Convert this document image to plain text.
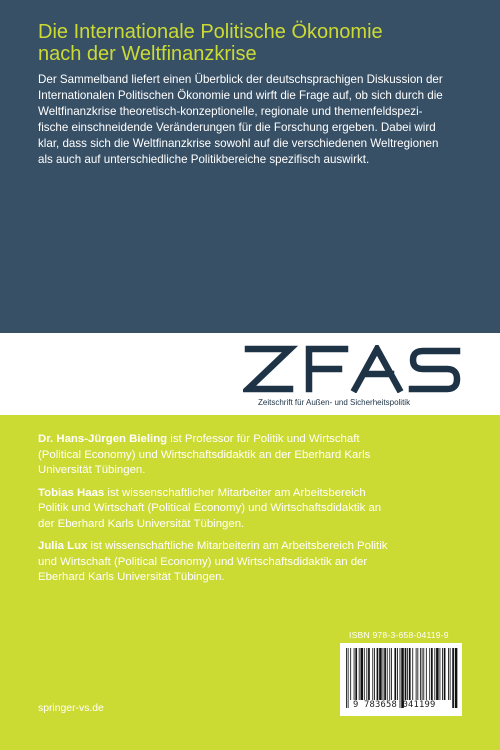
Die Internationale Politische Ökonomie
nach der Weltfinanzkrise
Der Sammelband liefert einen Überblick der deutschsprachigen Diskussion der
Internationalen Politischen Ökonomie und wirft die Frage auf, ob sich durch die
Weltfinanzkrise theoretisch-konzeptionelle, regionale und themenfeldspezi-
fische einschneidende Veränderungen für die Forschung ergeben. Dabei wird
klar, dass sich die Weltfinanzkrise sowohl auf die verschiedenen Weltregionen
als auch auf unterschiedliche Politikbereiche spezifisch auswirkt.
Zeitschrift für Außen- und Sicherheitspolitik
Dr. Hans-Jürgen Bieling ist Professor für Politik und Wirtschaft
(Political Economy) und Wirtschaftsdidaktik an der Eberhard Karls
Universität Tübingen.
Tobias Haas ist wissenschaftlicher Mitarbeiter am Arbeitsbereich
Politik und Wirtschaft (Political Economy) und Wirtschaftsdidaktik an
der Eberhard Karls Universität Tübingen.
Julia Lux ist wissenschaftliche Mitarbeiterin am Arbeitsbereich Politik
und Wirtschaft (Political Economy) und Wirtschaftsdidaktik an der
Eberhard Karls Universität Tübingen.
ISBN 978-3-658-04119-9
9 783658 041199
springer-vs.de
